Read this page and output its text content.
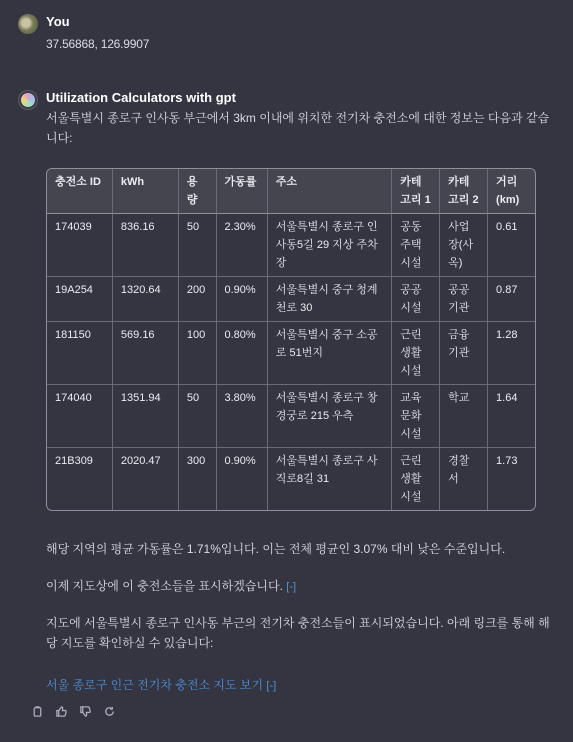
You
37.56868, 126.9907
Utilization Calculators with gpt
서울특별시 종로구 인사동 부근에서 3km 이내에 위치한 전기차 충전소에 대한 정보는 다음과 같습니다:
충전소 ID	kWh	용량	가동률	주소	카테고리 1	카테고리 2	거리 (km)
174039	836.16	50	2.30%	서울특별시 종로구 인사동5길 29 지상 주차장	공동 주택 시설	사업 장(사 옥)	0.61
19A254	1320.64	200	0.90%	서울특별시 중구 청계천로 30	공공 시설	공공 기관	0.87
181150	569.16	100	0.80%	서울특별시 중구 소공로 51번지	근린 생활 시설	금융 기관	1.28
174040	1351.94	50	3.80%	서울특별시 종로구 창경궁로 215 우측	교육 문화 시설	학교	1.64
21B309	2020.47	300	0.90%	서울특별시 종로구 사직로8길 31	근린 생활 시설	경찰 서	1.73
해당 지역의 평균 가동률은 1.71%입니다. 이는 전체 평균인 3.07% 대비 낮은 수준입니다.
이제 지도상에 이 충전소들을 표시하겠습니다. [-]
지도에 서울특별시 종로구 인사동 부근의 전기차 충전소들이 표시되었습니다. 아래 링크를 통해 해당 지도를 확인하실 수 있습니다:
서울 종로구 인근 전기차 충전소 지도 보기 [-]
